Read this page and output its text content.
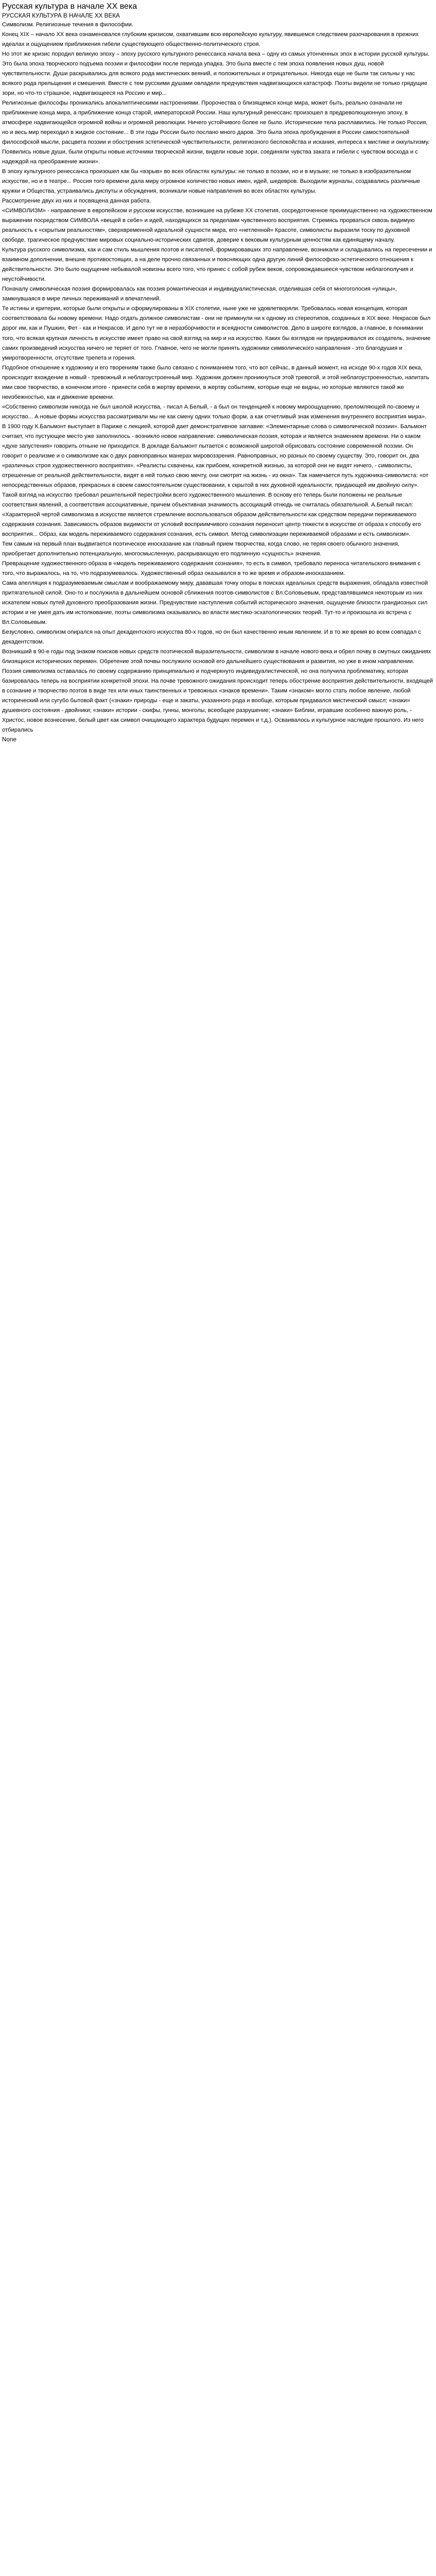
Русская культура в начале ХХ века
РУССКАЯ КУЛЬТУРА В НАЧАЛЕ ХХ ВЕКА

Символизм. Религиозные течения в философии.
Конец XIX – начало XX века ознаменовался глубоким кризисом, охватившим всю европейскую культуру, явившемся следствием разочарования в прежних идеалах и ощущением приближения гибели существующего общественно-политического строя.
Но этот же кризис породил великую эпоху – эпоху русского культурного ренессанса начала века – одну из самых утонченных эпох в истории русской культуры. Это была эпоха творческого подъема поэзии и философии после периода упадка. Это была вместе с тем эпоха появления новых душ, новой чувствительности. Души раскрывались для всякого рода мистических веяний, и положительных и отрицательных. Никогда еще не были так сильны у нас всякого рода прельщения и смешения. Вместе с тем русскими душами овладели предчувствия надвигающихся катастроф. Поэты видели не только грядущие зори, но что-то страшное, надвигающееся на Россию и мир...
Религиозные философы проникались апокалиптическими настроениями. Пророчества о близящемся конце мира, может быть, реально означали не приближение конца мира, а приближение конца старой, императорской России. Наш культурный ренессанс произошел в предреволюционную эпоху, в атмосфере надвигающейся огромной войны и огромной революции. Ничего устойчивого более не было. Исторические тела расплавились. Не только Россия, но и весь мир переходил в жидкое состояние... В эти годы России было послано много даров. Это была эпоха пробуждения в России самостоятельной философской мысли, расцвета поэзии и обострения эстетической чувствительности, религиозного беспокойства и искания, интереса к мистике и оккультизму. Появились новые души, были открыты новые источники творческой жизни, видели новые зори, соединяли чувства заката и гибели с чувством восхода и с надеждой на преображение жизни».
В эпоху культурного ренессанса произошел как бы «взрыв» во всех областях культуры: не только в поэзии, но и в музыке; не только в изобразительном искусстве, но и в театре... Россия того времени дала миру огромное количество новых имен, идей, шедевров. Выходили журналы, создавались различные кружки и Общества, устраивались диспуты и обсуждения, возникали новые направления во всех областях культуры.
Рассмотрение двух из них и посвящена данная работа.
«СИМВОЛИЗМ» - направление в европейском и русском искусстве, возникшее на рубеже ХХ столетия, сосредоточенное преимущественно на художественном выражении посредством СИМВОЛА «вещей в себе» и идей, находящихся за пределами чувственного восприятия. Стремясь прорваться сквозь видимую реальность к «скрытым реальностям», сверхвременной идеальной сущности мира, его «нетленной» Красоте, символисты выразили тоску по духовной свободе, трагическое предчувствие мировых социально-исторических сдвигов, доверие к вековым культурным ценностям как единящему началу.
Культура русского символизма, как и сам стиль мышления поэтов и писателей, формировавших это направление, возникали и складывались на пересечении и взаимном дополнении, внешне противостоящих, а на деле прочно связанных и поясняющих одна другую линий философско-эстетического отношения к действительности. Это было ощущение небывалой новизны всего того, что принес с собой рубеж веков, сопровождавшееся чувством неблагополучия и неустойчивости.
Поначалу символическая поэзия формировалась как поэзия романтическая и индивидуалистическая, отделившая себя от многоголосия «улицы», замкнувшаяся в мире личных переживаний и впечатлений.
Те истины и критерии, которые были открыты и сформулированы в XIX столетии, ныне уже не удовлетворяли. Требовалась новая концепция, которая соответствовала бы новому времени. Надо отдать должное символистам - они не примкнули ни к одному из стереотипов, созданных в XIX веке. Некрасов был дорог им, как и Пушкин, Фет - как и Некрасов. И дело тут не в неразборчивости и всеядности символистов. Дело в широте взглядов, а главное, в понимании того, что всякая крупная личность в искусстве имеет право на свой взгляд на мир и на искусство. Каких бы взглядов ни придерживался их создатель, значение самих произведений искусства ничего не теряет от того. Главное, чего не могли принять художники символического направления - это благодушия и умиротворенности, отсутствие трепета и горения.
Подобное отношение к художнику и его творениям также было связано с пониманием того, что вот сейчас, в данный момент, на исходе 90-х годов XIX века, происходит вхождение в новый - тревожный и неблагоустроенный мир. Художник должен проникнуться этой тревогой, и этой неблагоустроенностью, напитать ими свое творчество, в конечном итоге - принести себя в жертву времени, в жертву событиям, которые еще не видны, но которые являются такой же неизбежностью, как и движение времени.
«Собственно символизм никогда не был школой искусства, - писал А.Белый, - а был он тенденцией к новому мироощущению, преломляющей по-своему и искусство... А новые формы искусства рассматривали мы не как смену одних только форм, а как отчетливый знак изменения внутреннего восприятия мира».
В 1900 году К.Бальмонт выступает в Париже с лекцией, которой дает демонстративное заглавие: «Элементарные слова о символической поэзии». Бальмонт считает, что пустующее место уже заполнилось - возникло новое направление: символическая поэзия, которая и является знамением времени. Ни о каком «духе запустения» говорить отныне не приходится. В докладе Бальмонт пытается с возможной широтой обрисовать состояние современной поэзии. Он говорит о реализме и о символизме как о двух равноправных манерах мировоззрения. Равноправных, но разных по своему существу. Это, говорит он, два «различных строя художественного восприятия». «Реалисты схвачены, как прибоем, конкретной жизнью, за которой они не видят ничего, - символисты, отрешенные от реальной действительности, видят в ней только свою мечту, они смотрят на жизнь - из окна». Так намечается путь художника-символиста: «от непосредственных образов, прекрасных в своем самостоятельном существовании, к скрытой в них духовной идеальности, придающей им двойную силу».
Такой взгляд на искусство требовал решительной перестройки всего художественного мышления. В основу его теперь были положены не реальные соответствия явлений, а соответствия ассоциативные, причем объективная значимость ассоциаций отнюдь не считалась обязательной. А.Белый писал: «Характерной чертой символизма в искусстве является стремление воспользоваться образом действительности как средством передачи переживаемого содержания сознания. Зависимость образов видимости от условий восприимчивого сознания переносит центр тяжести в искусстве от образа к способу его восприятия... Образ, как модель переживаемого содержания сознания, есть символ. Метод символизации переживаемой образами и есть символизм».
Тем самым на первый план выдвигается поэтическое иносказание как главный прием творчества, когда слово, не теряя своего обычного значения, приобретает дополнительно потенциальную, многосмысленную, раскрывающую его подлинную «сущность» значения.
Превращение художественного образа в «модель переживаемого содержания сознания», то есть в символ, требовало переноса читательского внимания с того, что выражалось, на то, что подразумевалось. Художественный образ оказывался в то же время и образом-иносказанием.
Сама апелляция к подразумеваемым смыслам и воображаемому миру, дававшая точку опоры в поисках идеальных средств выражения, обладала известной притягательной силой. Оно-то и послужила в дальнейшем основой сближения поэтов-символистов с Вл.Соловьевым, представлявшимся некоторым из них искателем новых путей духовного преобразования жизни. Предчувствие наступления событий исторического значения, ощущение близости грандиозных сил истории и не умея дать им истолкование, поэты символизма оказывались во власти мистико-эсхатологических теорий. Тут-то и произошла их встреча с Вл.Соловьевым.
Безусловно, символизм опирался на опыт декадентского искусства 80-х годов, но он был качественно иным явлением. И в то же время во всем совпадал с декадентством.
Возникший в 90-е годы под знаком поисков новых средств поэтической выразительности, символизм в начале нового века и обрел почву в смутных ожиданиях близящихся исторических перемен. Обретение этой почвы послужило основой его дальнейшего существования и развития, но уже в ином направлении. Поэзия символизма оставалась по своему содержанию принципиально и подчеркнуто индивидуалистической, но она получила проблематику, которая базировалась теперь на восприятии конкретной эпохи. На почве тревожного ожидания происходит теперь обострение восприятия действительности, входящей в сознание и творчество поэтов в виде тех или иных таинственных и тревожных «знаков времени». Таким «знаком» могло стать любое явление, любой исторический или сугубо бытовой факт («знаки» природы - еще и закаты, указанного рода и вообще, которым придавался мистический смысл; «знаки» душевного состояния - двойники; «знаки» истории - скифы, гунны, монголы, всеобщее разрушение; «знаки» Библии, игравшие особенно важную роль, - Христос, новое вознесение, белый цвет как символ очищающего характера будущих перемен и т.д.). Осваивалось и культурное наследие прошлого. Из него отбирались

None
